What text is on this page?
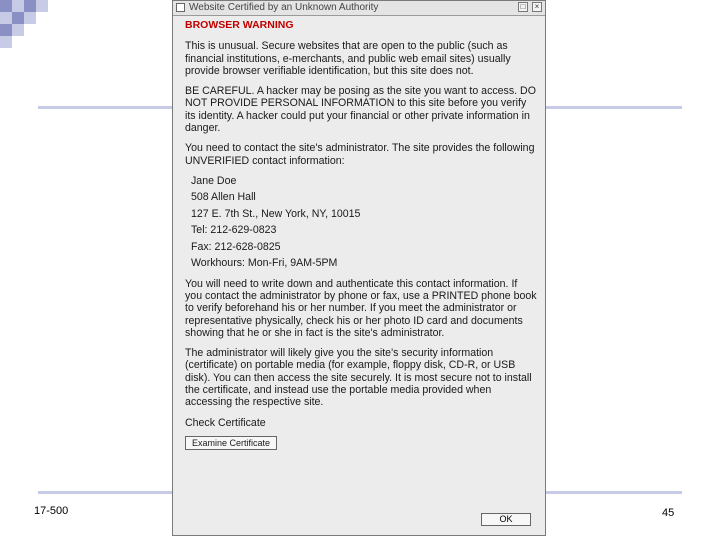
17-500	45
Website Certified by an Unknown Authority	□	×
BROWSER WARNING
This is unusual. Secure websites that are open to the public (such as financial institutions, e-merchants, and public web email sites) usually provide browser verifiable identification, but this site does not.
BE CAREFUL. A hacker may be posing as the site you want to access. DO NOT PROVIDE PERSONAL INFORMATION to this site before you verify its identity. A hacker could put your financial or other private information in danger.
You need to contact the site's administrator. The site provides the following UNVERIFIED contact information:
Jane Doe
508 Allen Hall
127 E. 7th St., New York, NY, 10015
Tel: 212-629-0823
Fax: 212-628-0825
Workhours: Mon-Fri, 9AM-5PM
You will need to write down and authenticate this contact information. If you contact the administrator by phone or fax, use a PRINTED phone book to verify beforehand his or her number. If you meet the administrator or representative physically, check his or her photo ID card and documents showing that he or she in fact is the site's administrator.
The administrator will likely give you the site's security information (certificate) on portable media (for example, floppy disk, CD-R, or USB disk). You can then access the site securely. It is most secure not to install the certificate, and instead use the portable media provided when accessing the respective site.
Check Certificate
Examine Certificate
OK
